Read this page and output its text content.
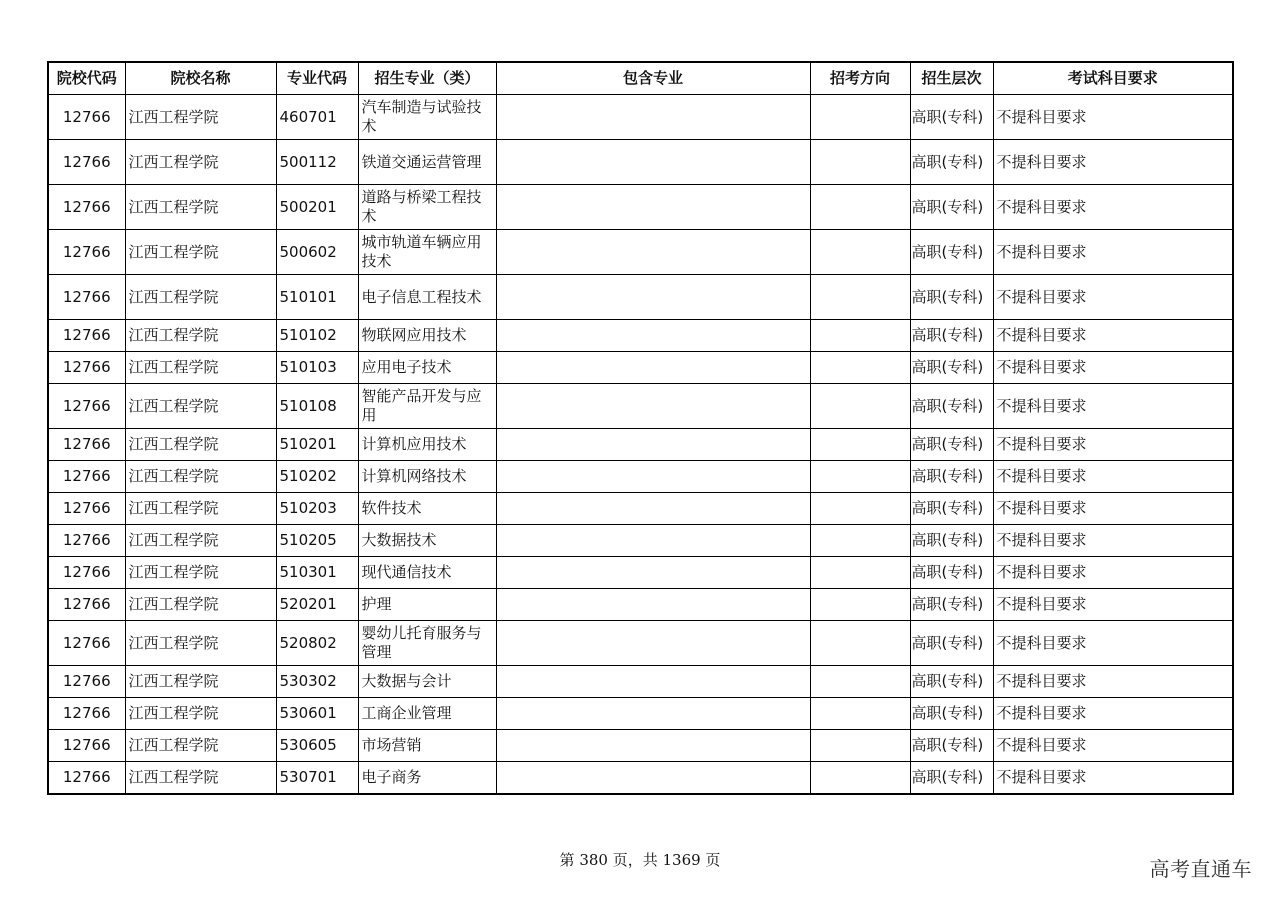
院校代码	院校名称	专业代码	招生专业（类）	包含专业	招考方向	招生层次	考试科目要求
12766	江西工程学院	460701	汽车制造与试验技术			高职(专科)	不提科目要求
12766	江西工程学院	500112	铁道交通运营管理			高职(专科)	不提科目要求
12766	江西工程学院	500201	道路与桥梁工程技术			高职(专科)	不提科目要求
12766	江西工程学院	500602	城市轨道车辆应用技术			高职(专科)	不提科目要求
12766	江西工程学院	510101	电子信息工程技术			高职(专科)	不提科目要求
12766	江西工程学院	510102	物联网应用技术			高职(专科)	不提科目要求
12766	江西工程学院	510103	应用电子技术			高职(专科)	不提科目要求
12766	江西工程学院	510108	智能产品开发与应用			高职(专科)	不提科目要求
12766	江西工程学院	510201	计算机应用技术			高职(专科)	不提科目要求
12766	江西工程学院	510202	计算机网络技术			高职(专科)	不提科目要求
12766	江西工程学院	510203	软件技术			高职(专科)	不提科目要求
12766	江西工程学院	510205	大数据技术			高职(专科)	不提科目要求
12766	江西工程学院	510301	现代通信技术			高职(专科)	不提科目要求
12766	江西工程学院	520201	护理			高职(专科)	不提科目要求
12766	江西工程学院	520802	婴幼儿托育服务与管理			高职(专科)	不提科目要求
12766	江西工程学院	530302	大数据与会计			高职(专科)	不提科目要求
12766	江西工程学院	530601	工商企业管理			高职(专科)	不提科目要求
12766	江西工程学院	530605	市场营销			高职(专科)	不提科目要求
12766	江西工程学院	530701	电子商务			高职(专科)	不提科目要求
第 380 页，共 1369 页	高考直通车
